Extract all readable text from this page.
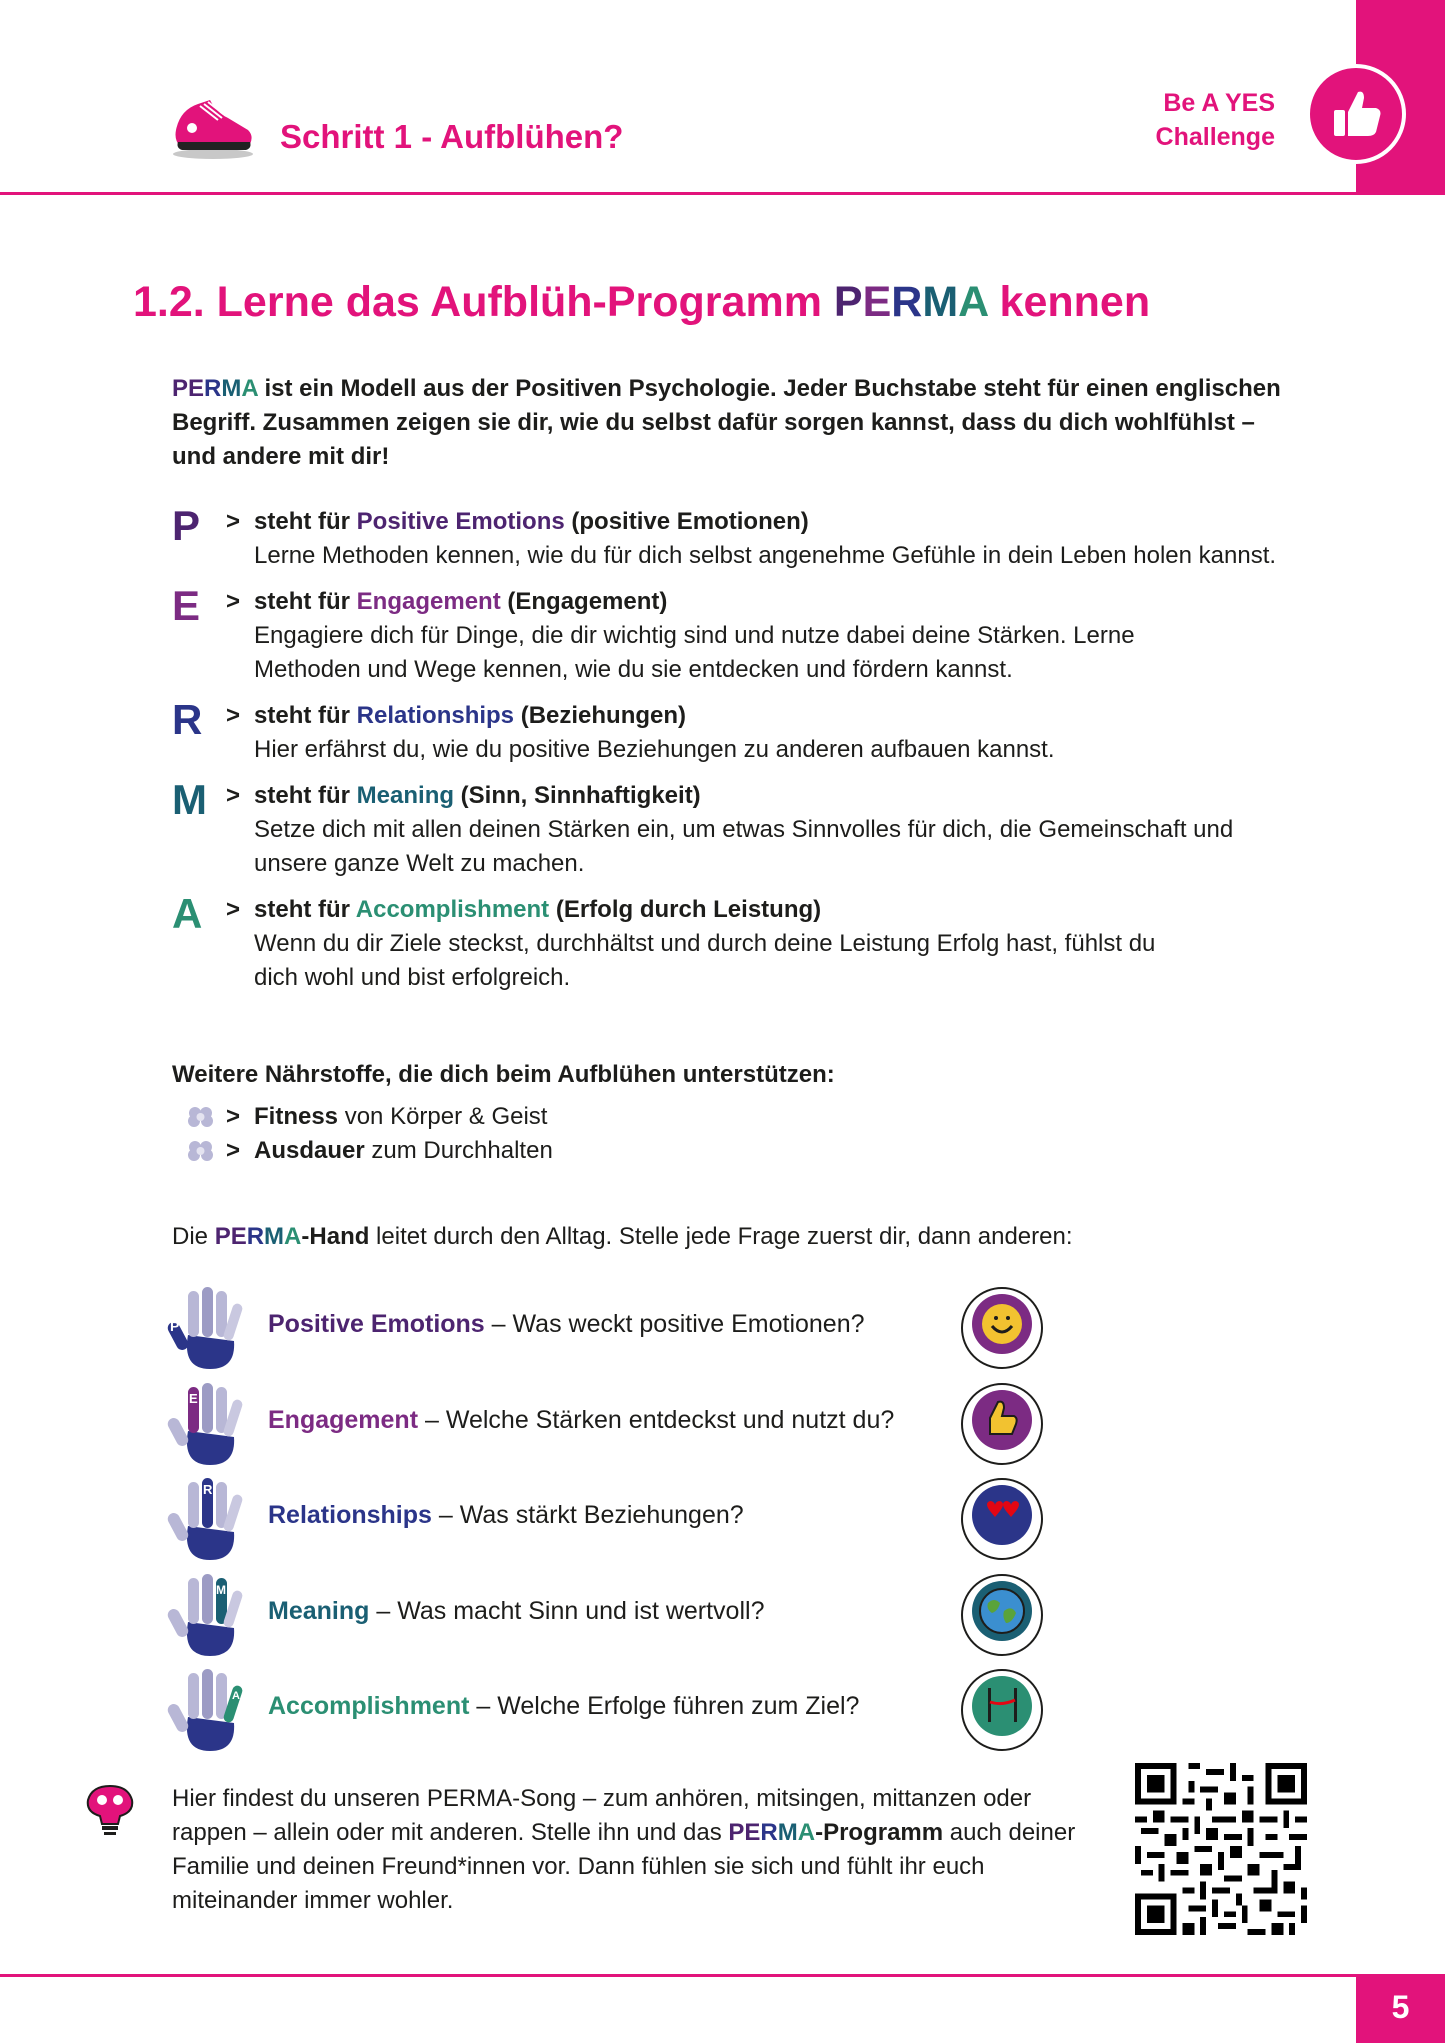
Schritt 1 - Aufblühen?
Be A YES
Challenge
1.2. Lerne das Aufblüh-Programm PERMA kennen
PERMA ist ein Modell aus der Positiven Psychologie. Jeder Buchstabe steht für einen englischen Begriff. Zusammen zeigen sie dir, wie du selbst dafür sorgen kannst, dass du dich wohlfühlst – und andere mit dir!
P > steht für Positive Emotions (positive Emotionen)
Lerne Methoden kennen, wie du für dich selbst angenehme Gefühle in dein Leben holen kannst.
E > steht für Engagement (Engagement)
Engagiere dich für Dinge, die dir wichtig sind und nutze dabei deine Stärken. Lerne Methoden und Wege kennen, wie du sie entdecken und fördern kannst.
R > steht für Relationships (Beziehungen)
Hier erfährst du, wie du positive Beziehungen zu anderen aufbauen kannst.
M > steht für Meaning (Sinn, Sinnhaftigkeit)
Setze dich mit allen deinen Stärken ein, um etwas Sinnvolles für dich, die Gemeinschaft und unsere ganze Welt zu machen.
A > steht für Accomplishment (Erfolg durch Leistung)
Wenn du dir Ziele steckst, durchhältst und durch deine Leistung Erfolg hast, fühlst du dich wohl und bist erfolgreich.
Weitere Nährstoffe, die dich beim Aufblühen unterstützen:
> Fitness von Körper & Geist
> Ausdauer zum Durchhalten
Die PERMA-Hand leitet durch den Alltag. Stelle jede Frage zuerst dir, dann anderen:
P	Positive Emotions – Was weckt positive Emotionen?
E
Engagement – Welche Stärken entdeckst und nutzt du?
R
Relationships – Was stärkt Beziehungen?
M
Meaning – Was macht Sinn und ist wertvoll?
A Accomplishment – Welche Erfolge führen zum Ziel?
Hier findest du unseren PERMA-Song – zum anhören, mitsingen, mittanzen oder rappen – allein oder mit anderen. Stelle ihn und das PERMA-Programm auch deiner Familie und deinen Freund*innen vor. Dann fühlen sie sich und fühlt ihr euch miteinander immer wohler.
5
